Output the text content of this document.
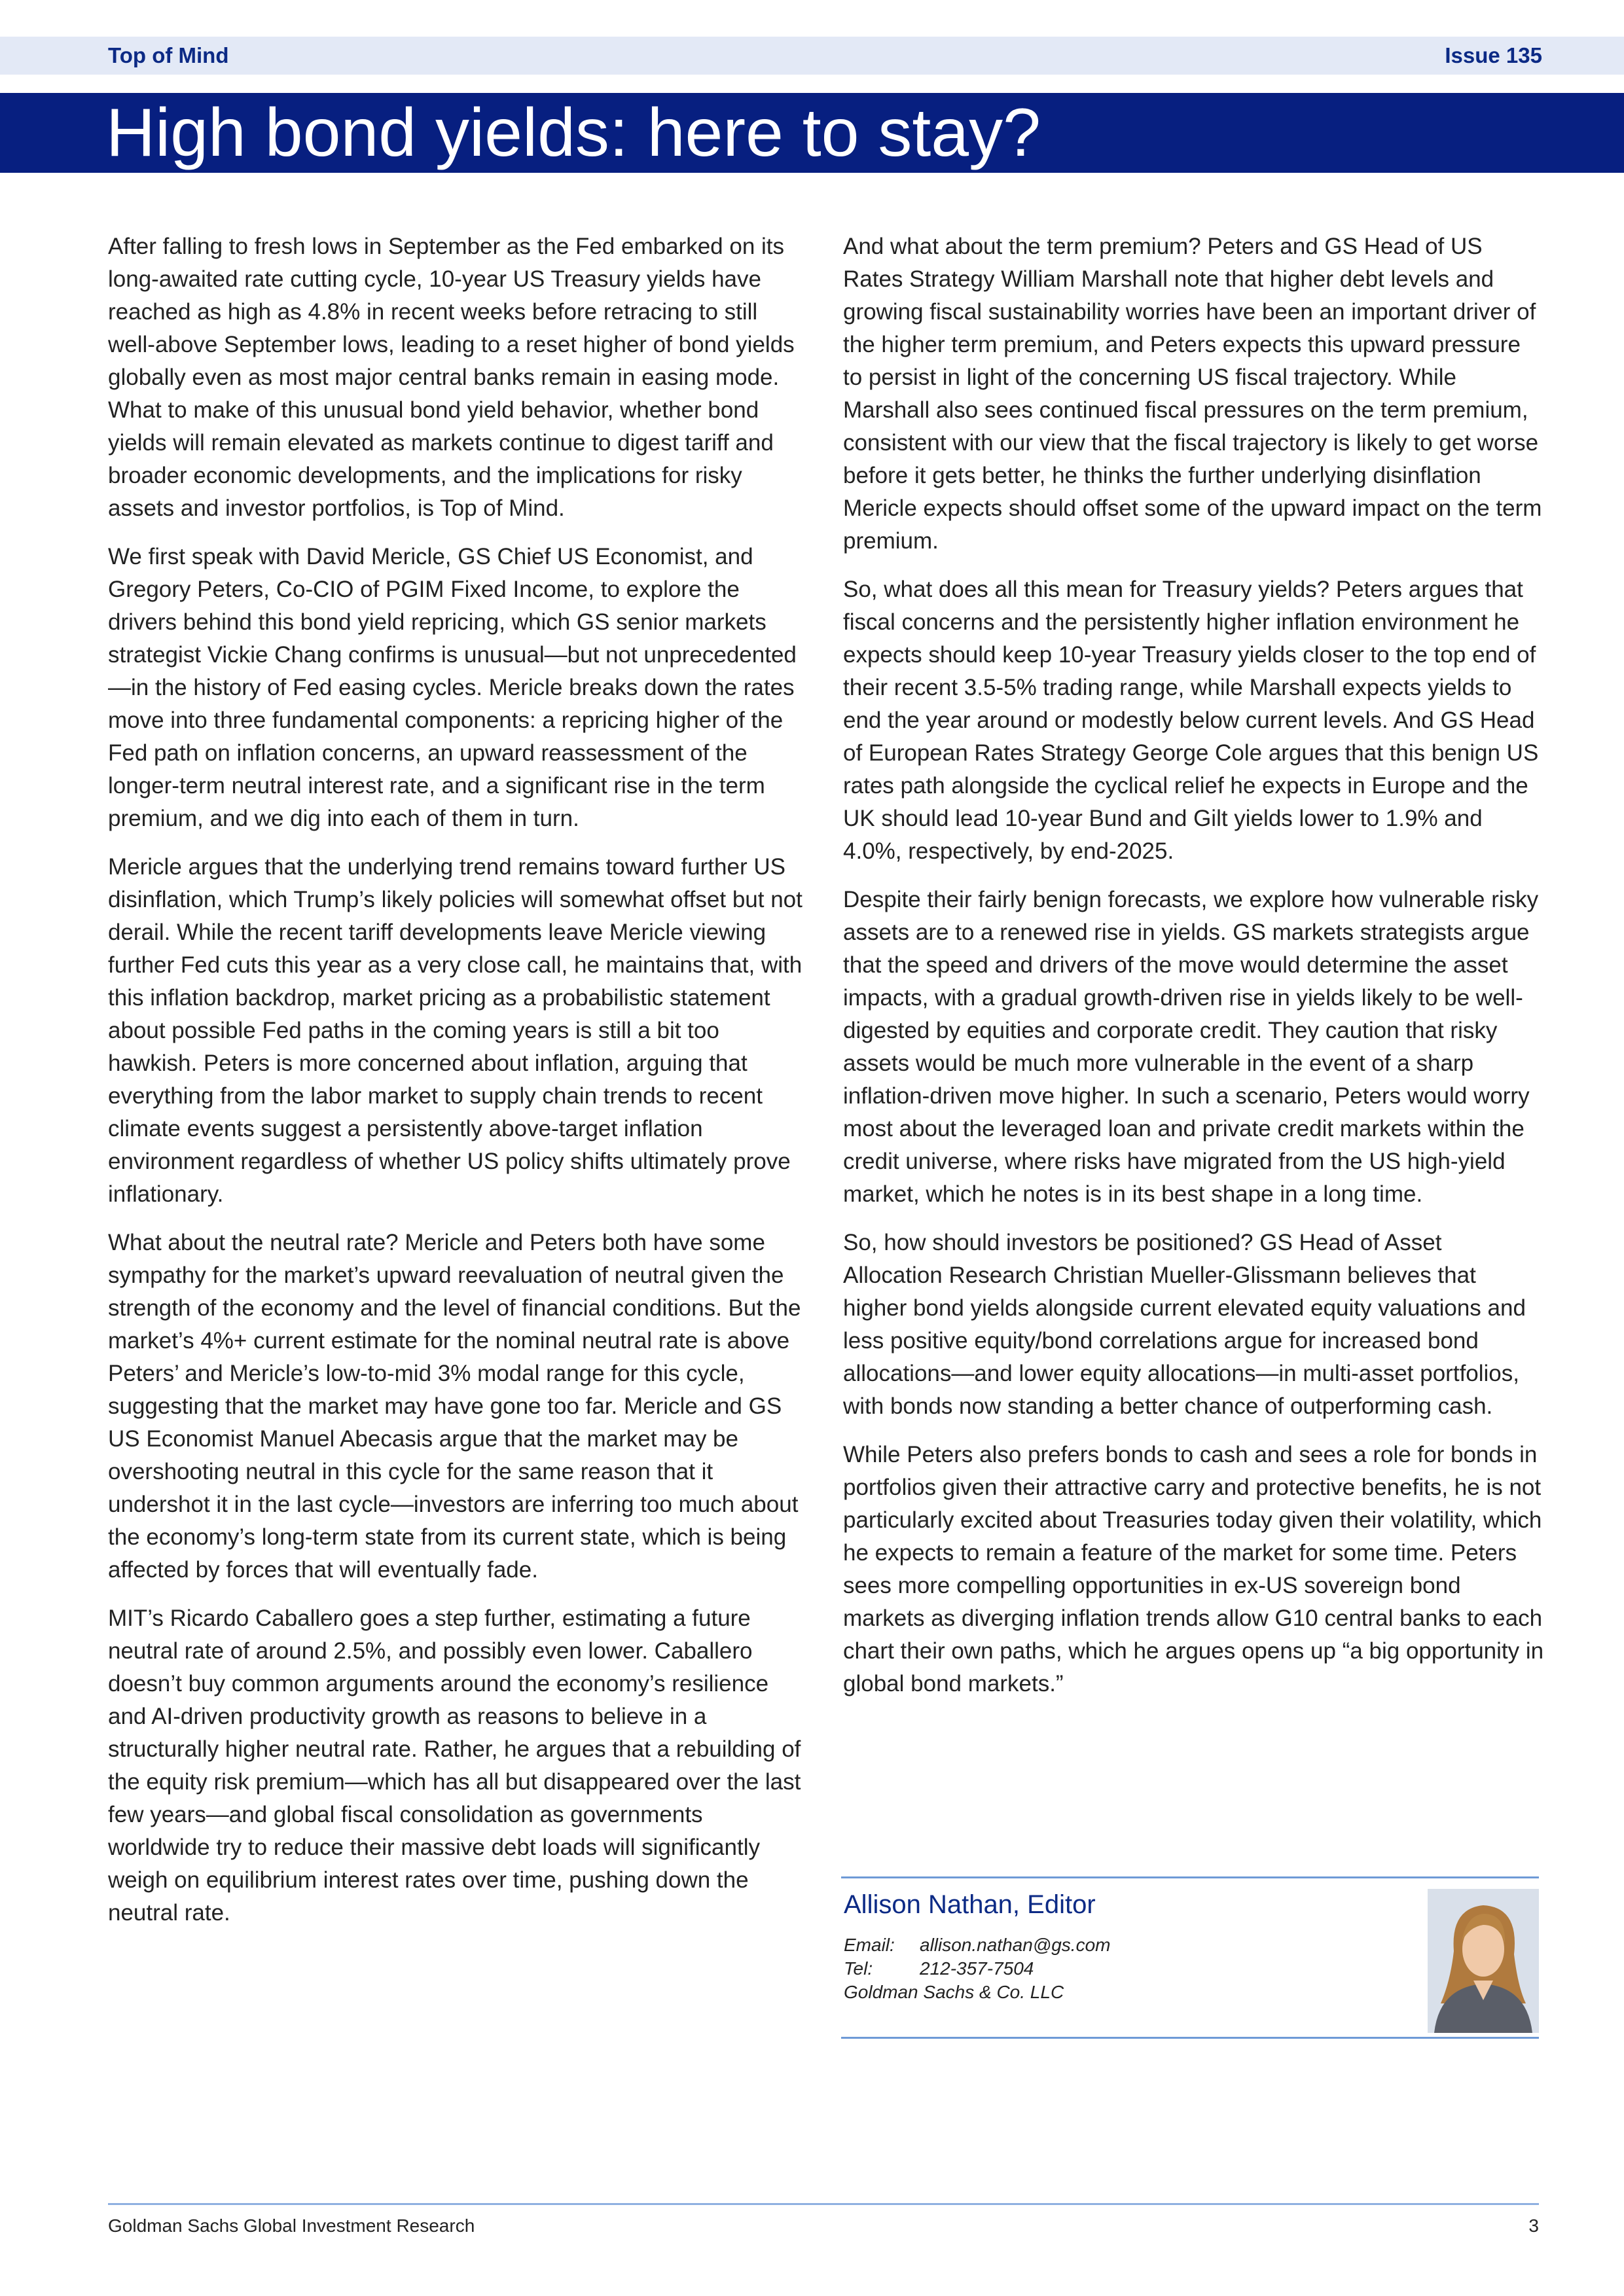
Top of Mind	Issue 135
High bond yields: here to stay?

After falling to fresh lows in September as the Fed embarked on its long-awaited rate cutting cycle, 10-year US Treasury yields have reached as high as 4.8% in recent weeks before retracing to still well-above September lows, leading to a reset higher of bond yields globally even as most major central banks remain in easing mode. What to make of this unusual bond yield behavior, whether bond yields will remain elevated as markets continue to digest tariff and broader economic developments, and the implications for risky assets and investor portfolios, is Top of Mind.

We first speak with David Mericle, GS Chief US Economist, and Gregory Peters, Co-CIO of PGIM Fixed Income, to explore the drivers behind this bond yield repricing, which GS senior markets strategist Vickie Chang confirms is unusual—but not unprecedented—in the history of Fed easing cycles. Mericle breaks down the rates move into three fundamental components: a repricing higher of the Fed path on inflation concerns, an upward reassessment of the longer-term neutral interest rate, and a significant rise in the term premium, and we dig into each of them in turn.

Mericle argues that the underlying trend remains toward further US disinflation, which Trump’s likely policies will somewhat offset but not derail. While the recent tariff developments leave Mericle viewing further Fed cuts this year as a very close call, he maintains that, with this inflation backdrop, market pricing as a probabilistic statement about possible Fed paths in the coming years is still a bit too hawkish. Peters is more concerned about inflation, arguing that everything from the labor market to supply chain trends to recent climate events suggest a persistently above-target inflation environment regardless of whether US policy shifts ultimately prove inflationary.

What about the neutral rate? Mericle and Peters both have some sympathy for the market’s upward reevaluation of neutral given the strength of the economy and the level of financial conditions. But the market’s 4%+ current estimate for the nominal neutral rate is above Peters’ and Mericle’s low-to-mid 3% modal range for this cycle, suggesting that the market may have gone too far. Mericle and GS US Economist Manuel Abecasis argue that the market may be overshooting neutral in this cycle for the same reason that it undershot it in the last cycle—investors are inferring too much about the economy’s long-term state from its current state, which is being affected by forces that will eventually fade.

MIT’s Ricardo Caballero goes a step further, estimating a future neutral rate of around 2.5%, and possibly even lower. Caballero doesn’t buy common arguments around the economy’s resilience and AI-driven productivity growth as reasons to believe in a structurally higher neutral rate. Rather, he argues that a rebuilding of the equity risk premium—which has all but disappeared over the last few years—and global fiscal consolidation as governments worldwide try to reduce their massive debt loads will significantly weigh on equilibrium interest rates over time, pushing down the neutral rate.

And what about the term premium? Peters and GS Head of US Rates Strategy William Marshall note that higher debt levels and growing fiscal sustainability worries have been an important driver of the higher term premium, and Peters expects this upward pressure to persist in light of the concerning US fiscal trajectory. While Marshall also sees continued fiscal pressures on the term premium, consistent with our view that the fiscal trajectory is likely to get worse before it gets better, he thinks the further underlying disinflation Mericle expects should offset some of the upward impact on the term premium.

So, what does all this mean for Treasury yields? Peters argues that fiscal concerns and the persistently higher inflation environment he expects should keep 10-year Treasury yields closer to the top end of their recent 3.5-5% trading range, while Marshall expects yields to end the year around or modestly below current levels. And GS Head of European Rates Strategy George Cole argues that this benign US rates path alongside the cyclical relief he expects in Europe and the UK should lead 10-year Bund and Gilt yields lower to 1.9% and 4.0%, respectively, by end-2025.

Despite their fairly benign forecasts, we explore how vulnerable risky assets are to a renewed rise in yields. GS markets strategists argue that the speed and drivers of the move would determine the asset impacts, with a gradual growth-driven rise in yields likely to be well-digested by equities and corporate credit. They caution that risky assets would be much more vulnerable in the event of a sharp inflation-driven move higher. In such a scenario, Peters would worry most about the leveraged loan and private credit markets within the credit universe, where risks have migrated from the US high-yield market, which he notes is in its best shape in a long time.

So, how should investors be positioned? GS Head of Asset Allocation Research Christian Mueller-Glissmann believes that higher bond yields alongside current elevated equity valuations and less positive equity/bond correlations argue for increased bond allocations—and lower equity allocations—in multi-asset portfolios, with bonds now standing a better chance of outperforming cash.

While Peters also prefers bonds to cash and sees a role for bonds in portfolios given their attractive carry and protective benefits, he is not particularly excited about Treasuries today given their volatility, which he expects to remain a feature of the market for some time. Peters sees more compelling opportunities in ex-US sovereign bond markets as diverging inflation trends allow G10 central banks to each chart their own paths, which he argues opens up “a big opportunity in global bond markets.”

Allison Nathan, Editor
Email: allison.nathan@gs.com
Tel:	212-357-7504
Goldman Sachs & Co. LLC
Goldman Sachs Global Investment Research	3
